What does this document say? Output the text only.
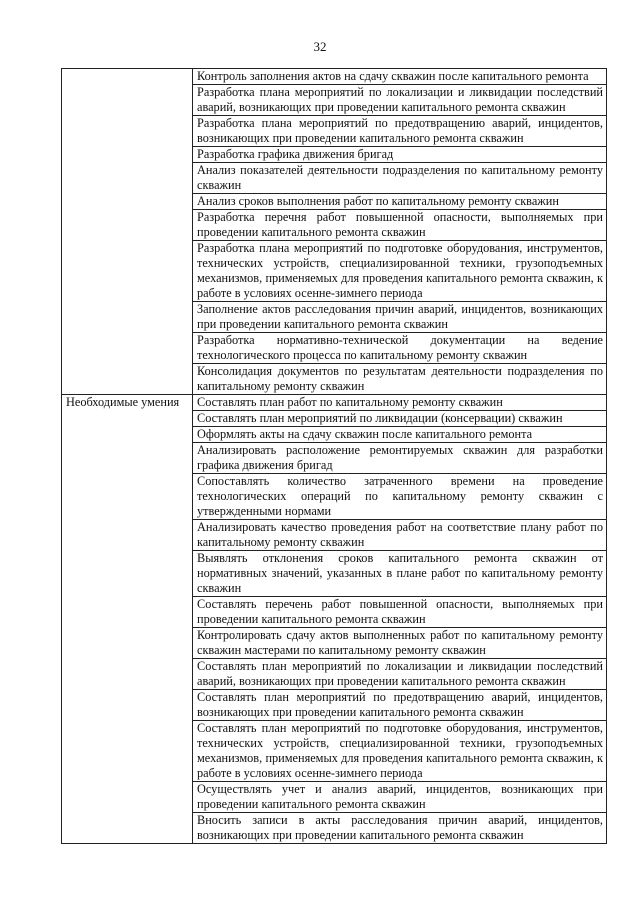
32
	Контроль заполнения актов на сдачу скважин после капитального ремонта
	Разработка плана мероприятий по локализации и ликвидации последствий аварий, возникающих при проведении капитального ремонта скважин
	Разработка плана мероприятий по предотвращению аварий, инцидентов, возникающих при проведении капитального ремонта скважин
	Разработка графика движения бригад
	Анализ показателей деятельности подразделения по капитальному ремонту скважин
	Анализ сроков выполнения работ по капитальному ремонту скважин
	Разработка перечня работ повышенной опасности, выполняемых при проведении капитального ремонта скважин
	Разработка плана мероприятий по подготовке оборудования, инструментов, технических устройств, специализированной техники, грузоподъемных механизмов, применяемых для проведения капитального ремонта скважин, к работе в условиях осенне-зимнего периода
	Заполнение актов расследования причин аварий, инцидентов, возникающих при проведении капитального ремонта скважин
	Разработка нормативно-технической документации на ведение технологического процесса по капитальному ремонту скважин
	Консолидация документов по результатам деятельности подразделения по капитальному ремонту скважин
Необходимые умения	Составлять план работ по капитальному ремонту скважин
	Составлять план мероприятий по ликвидации (консервации) скважин
	Оформлять акты на сдачу скважин после капитального ремонта
	Анализировать расположение ремонтируемых скважин для разработки графика движения бригад
	Сопоставлять количество затраченного времени на проведение технологических операций по капитальному ремонту скважин с утвержденными нормами
	Анализировать качество проведения работ на соответствие плану работ по капитальному ремонту скважин
	Выявлять отклонения сроков капитального ремонта скважин от нормативных значений, указанных в плане работ по капитальному ремонту скважин
	Составлять перечень работ повышенной опасности, выполняемых при проведении капитального ремонта скважин
	Контролировать сдачу актов выполненных работ по капитальному ремонту скважин мастерами по капитальному ремонту скважин
	Составлять план мероприятий по локализации и ликвидации последствий аварий, возникающих при проведении капитального ремонта скважин
	Составлять план мероприятий по предотвращению аварий, инцидентов, возникающих при проведении капитального ремонта скважин
	Составлять план мероприятий по подготовке оборудования, инструментов, технических устройств, специализированной техники, грузоподъемных механизмов, применяемых для проведения капитального ремонта скважин, к работе в условиях осенне-зимнего периода
	Осуществлять учет и анализ аварий, инцидентов, возникающих при проведении капитального ремонта скважин
	Вносить записи в акты расследования причин аварий, инцидентов, возникающих при проведении капитального ремонта скважин
